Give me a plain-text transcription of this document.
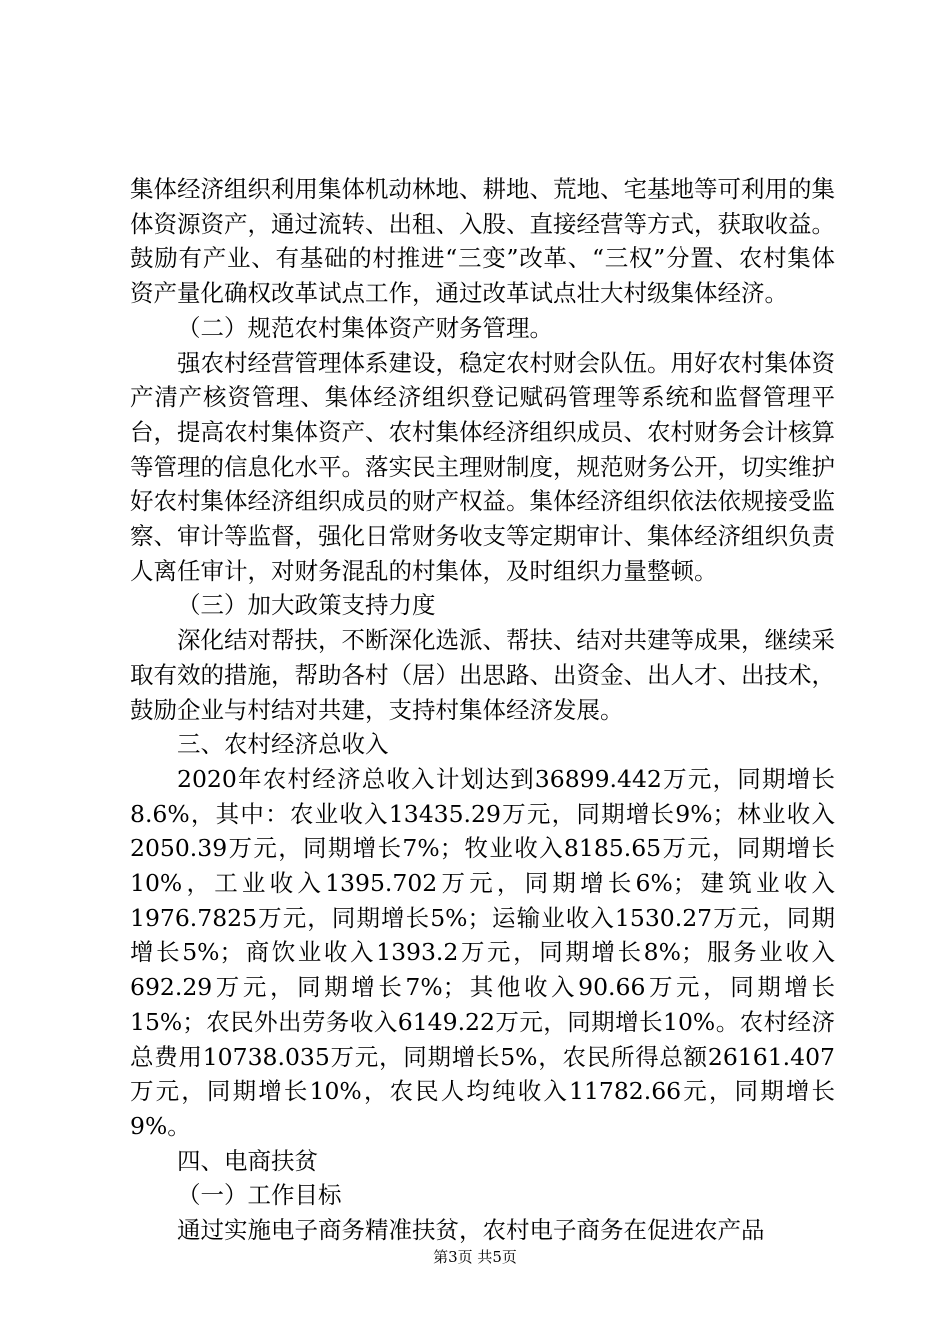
集体经济组织利用集体机动林地、耕地、荒地、宅基地等可利用的集体资源资产，通过流转、出租、入股、直接经营等方式，获取收益。鼓励有产业、有基础的村推进“三变”改革、“三权”分置、农村集体资产量化确权改革试点工作，通过改革试点壮大村级集体经济。

（二）规范农村集体资产财务管理。

强农村经营管理体系建设，稳定农村财会队伍。用好农村集体资产清产核资管理、集体经济组织登记赋码管理等系统和监督管理平台，提高农村集体资产、农村集体经济组织成员、农村财务会计核算等管理的信息化水平。落实民主理财制度，规范财务公开，切实维护好农村集体经济组织成员的财产权益。集体经济组织依法依规接受监察、审计等监督，强化日常财务收支等定期审计、集体经济组织负责人离任审计，对财务混乱的村集体，及时组织力量整顿。

（三）加大政策支持力度

深化结对帮扶，不断深化选派、帮扶、结对共建等成果，继续采取有效的措施，帮助各村（居）出思路、出资金、出人才、出技术，鼓励企业与村结对共建，支持村集体经济发展。

三、农村经济总收入

2020年农村经济总收入计划达到36899.442万元，同期增长8.6%，其中：农业收入13435.29万元，同期增长9%；林业收入2050.39万元，同期增长7%；牧业收入8185.65万元，同期增长10%，工业收入1395.702万元，同期增长6%；建筑业收入1976.7825万元，同期增长5%；运输业收入1530.27万元，同期增长5%；商饮业收入1393.2万元，同期增长8%；服务业收入692.29万元，同期增长7%；其他收入90.66万元，同期增长15%；农民外出劳务收入6149.22万元，同期增长10%。农村经济总费用10738.035万元，同期增长5%，农民所得总额26161.407万元，同期增长10%，农民人均纯收入11782.66元，同期增长9%。

四、电商扶贫

（一）工作目标

通过实施电子商务精准扶贫，农村电子商务在促进农产品

第3页 共5页
